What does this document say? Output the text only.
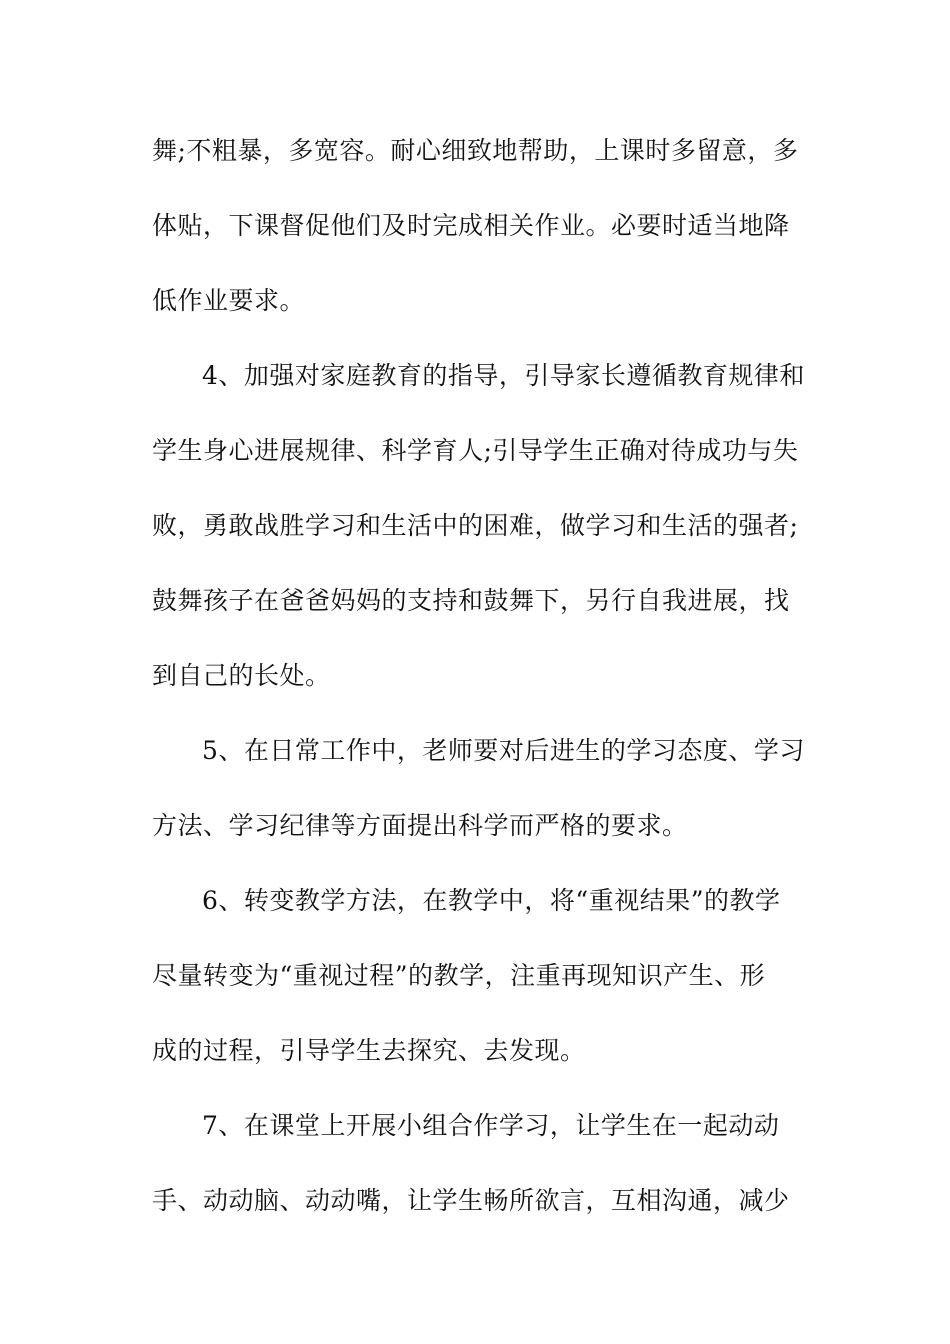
舞;不粗暴，多宽容。耐心细致地帮助，上课时多留意，多
体贴，下课督促他们及时完成相关作业。必要时适当地降
低作业要求。
4、加强对家庭教育的指导，引导家长遵循教育规律和
学生身心进展规律、科学育人;引导学生正确对待成功与失
败，勇敢战胜学习和生活中的困难，做学习和生活的强者;
鼓舞孩子在爸爸妈妈的支持和鼓舞下，另行自我进展，找
到自己的长处。
5、在日常工作中，老师要对后进生的学习态度、学习
方法、学习纪律等方面提出科学而严格的要求。
6、转变教学方法，在教学中，将“重视结果”的教学
尽量转变为“重视过程”的教学，注重再现知识产生、形
成的过程，引导学生去探究、去发现。
7、在课堂上开展小组合作学习，让学生在一起动动
手、动动脑、动动嘴，让学生畅所欲言，互相沟通，减少
